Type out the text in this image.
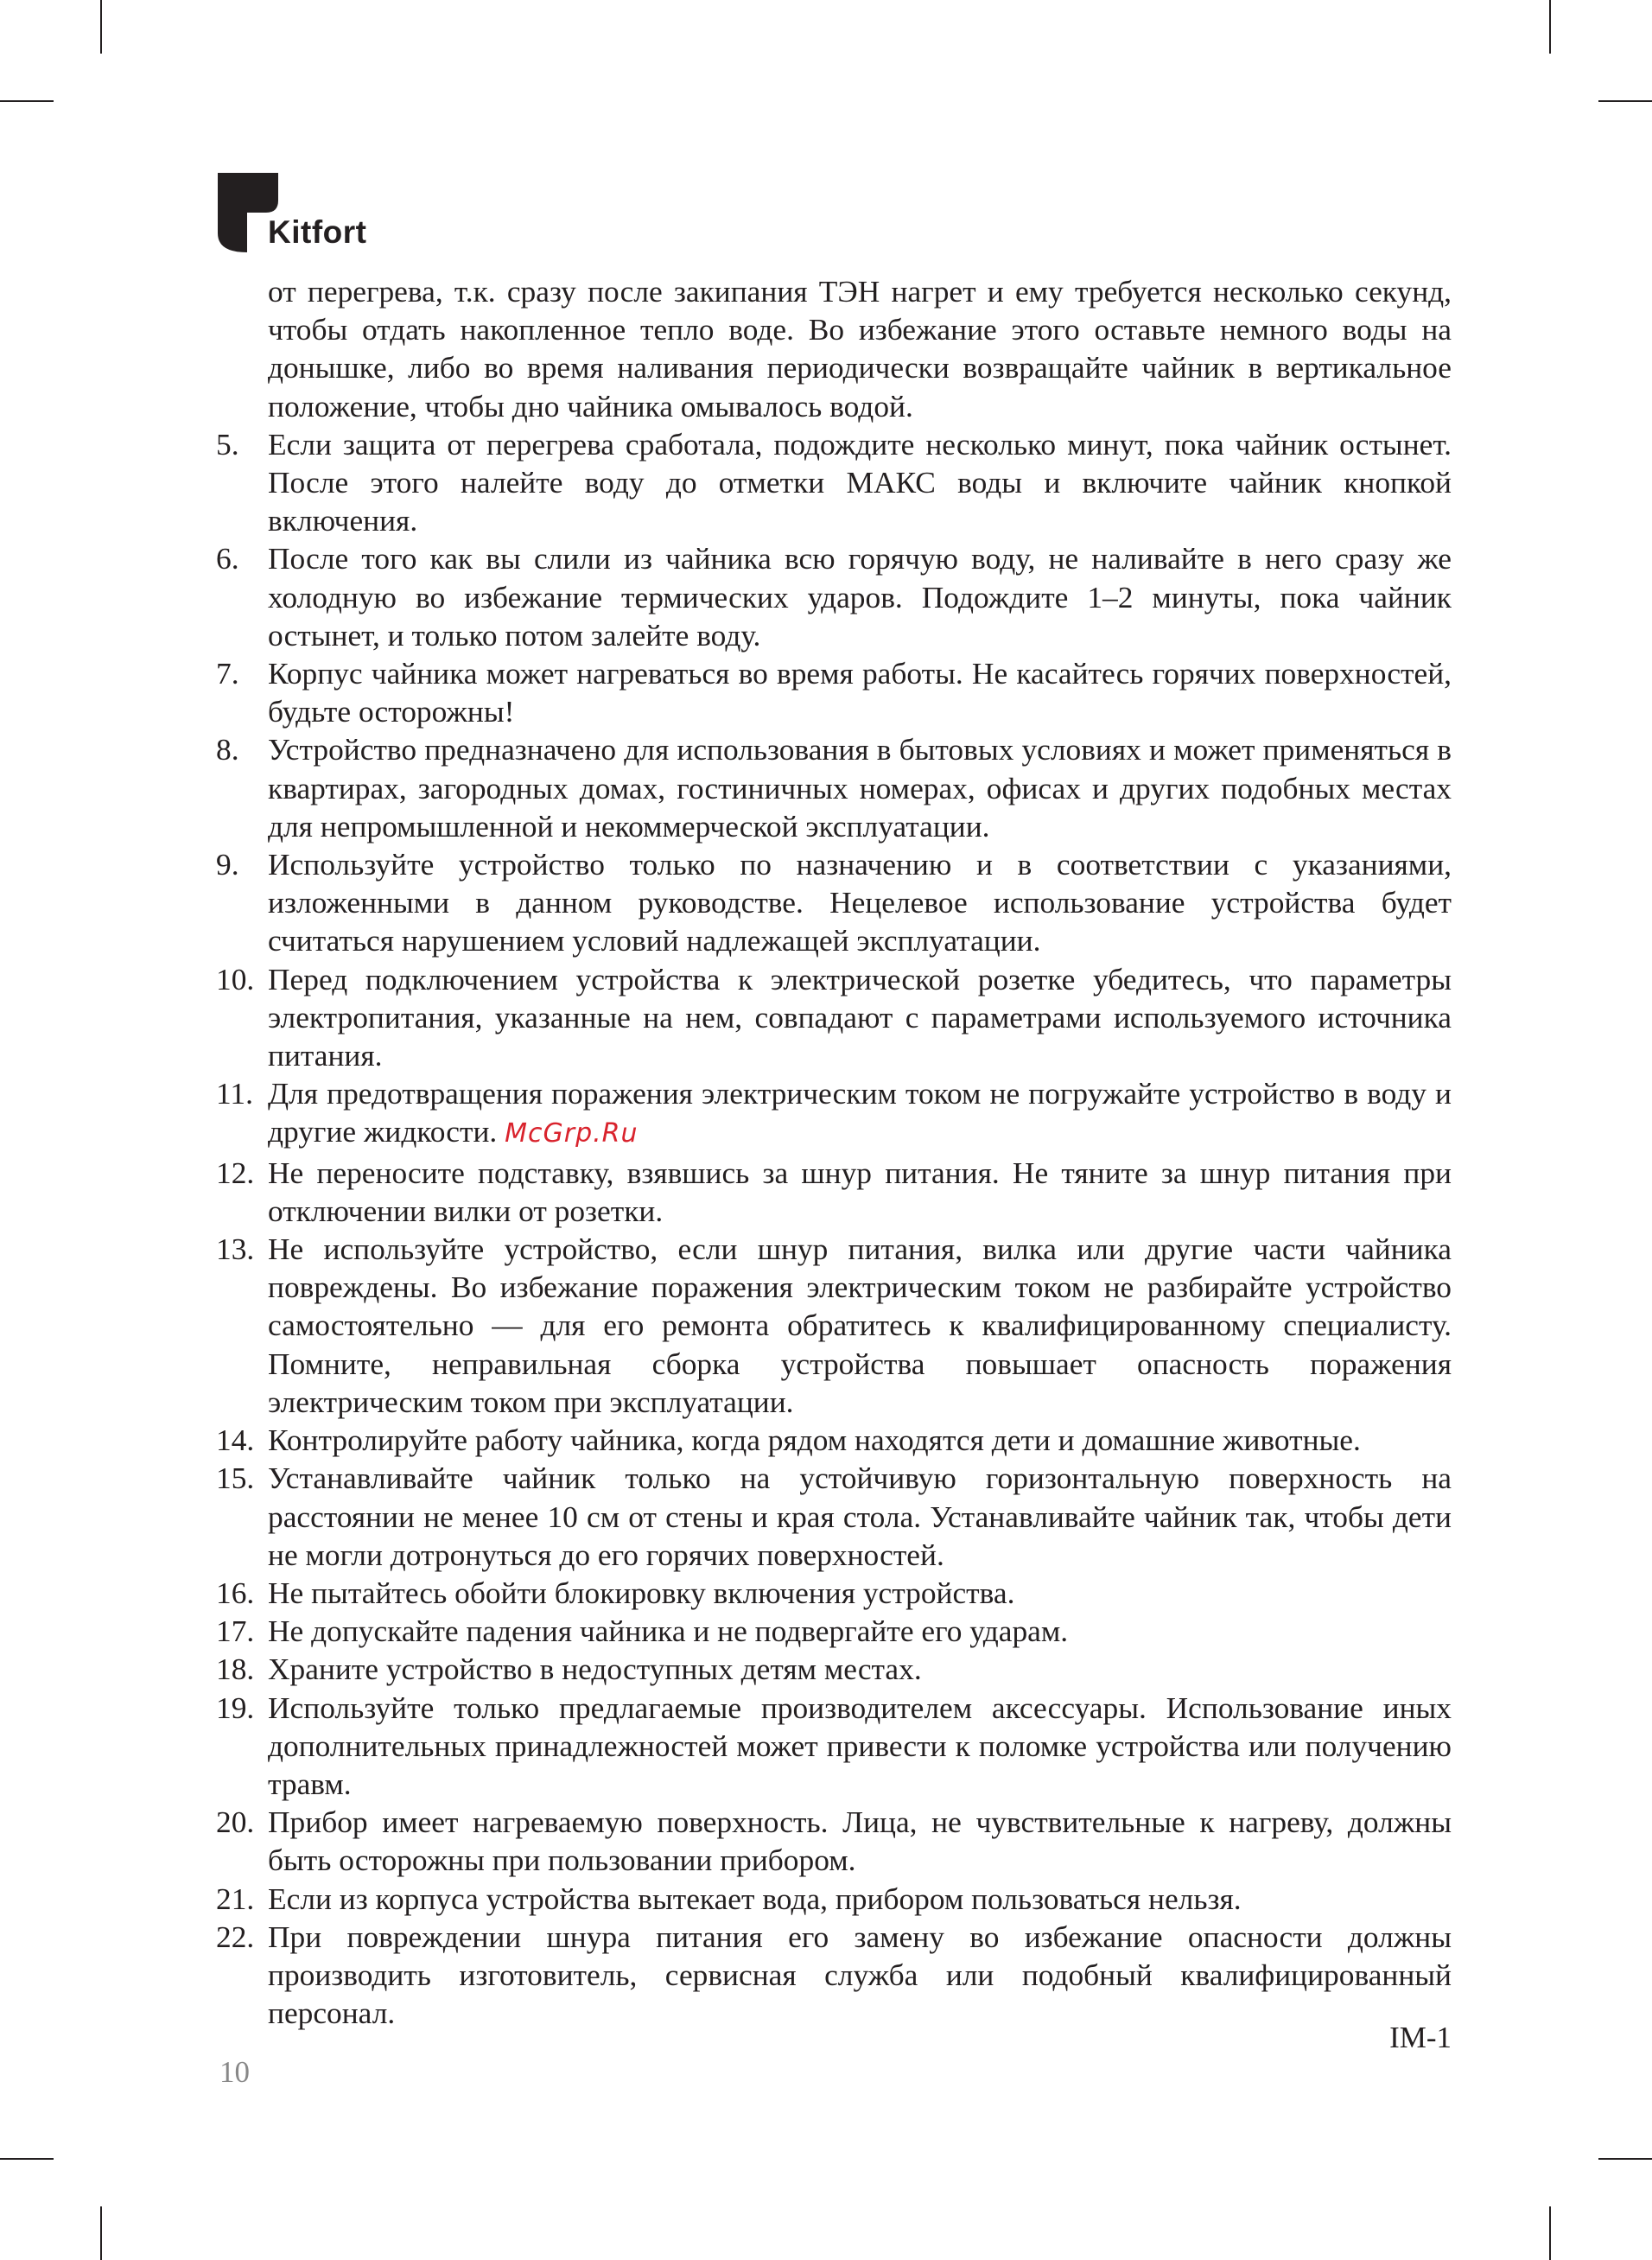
Kitfort

от перегрева, т.к. сразу после закипания ТЭН нагрет и ему требуется несколько секунд, чтобы отдать накопленное тепло воде. Во избежание этого оставьте немного воды на донышке, либо во время наливания периодически возвращайте чайник в вертикальное положение, чтобы дно чайника омывалось водой.

5. Если защита от перегрева сработала, подождите несколько минут, пока чайник остынет. После этого налейте воду до отметки МАКС воды и включите чайник кнопкой включения.
6. После того как вы слили из чайника всю горячую воду, не наливайте в него сразу же холодную во избежание термических ударов. Подождите 1–2 минуты, пока чайник остынет, и только потом залейте воду.
7. Корпус чайника может нагреваться во время работы. Не касайтесь горячих поверхностей, будьте осторожны!
8. Устройство предназначено для использования в бытовых условиях и может применяться в квартирах, загородных домах, гостиничных номерах, офисах и других подобных местах для непромышленной и некоммерческой эксплуатации.
9. Используйте устройство только по назначению и в соответствии с указаниями, изложенными в данном руководстве. Нецелевое использование устройства будет считаться нарушением условий надлежащей эксплуатации.
10. Перед подключением устройства к электрической розетке убедитесь, что параметры электропитания, указанные на нем, совпадают с параметрами используемого источника питания.
11. Для предотвращения поражения электрическим током не погружайте устройство в воду и другие жидкости. McGrp.Ru
12. Не переносите подставку, взявшись за шнур питания. Не тяните за шнур питания при отключении вилки от розетки.
13. Не используйте устройство, если шнур питания, вилка или другие части чайника повреждены. Во избежание поражения электрическим током не разбирайте устройство самостоятельно — для его ремонта обратитесь к квалифицированному специалисту. Помните, неправильная сборка устройства повышает опасность поражения электрическим током при эксплуатации.
14. Контролируйте работу чайника, когда рядом находятся дети и домашние животные.
15. Устанавливайте чайник только на устойчивую горизонтальную поверхность на расстоянии не менее 10 см от стены и края стола. Устанавливайте чайник так, чтобы дети не могли дотронуться до его горячих поверхностей.
16. Не пытайтесь обойти блокировку включения устройства.
17. Не допускайте падения чайника и не подвергайте его ударам.
18. Храните устройство в недоступных детям местах.
19. Используйте только предлагаемые производителем аксессуары. Использование иных дополнительных принадлежностей может привести к поломке устройства или получению травм.
20. Прибор имеет нагреваемую поверхность. Лица, не чувствительные к нагреву, должны быть осторожны при пользовании прибором.
21. Если из корпуса устройства вытекает вода, прибором пользоваться нельзя.
22. При повреждении шнура питания его замену во избежание опасности должны производить изготовитель, сервисная служба или подобный квалифицированный персонал.
IM-1
10
